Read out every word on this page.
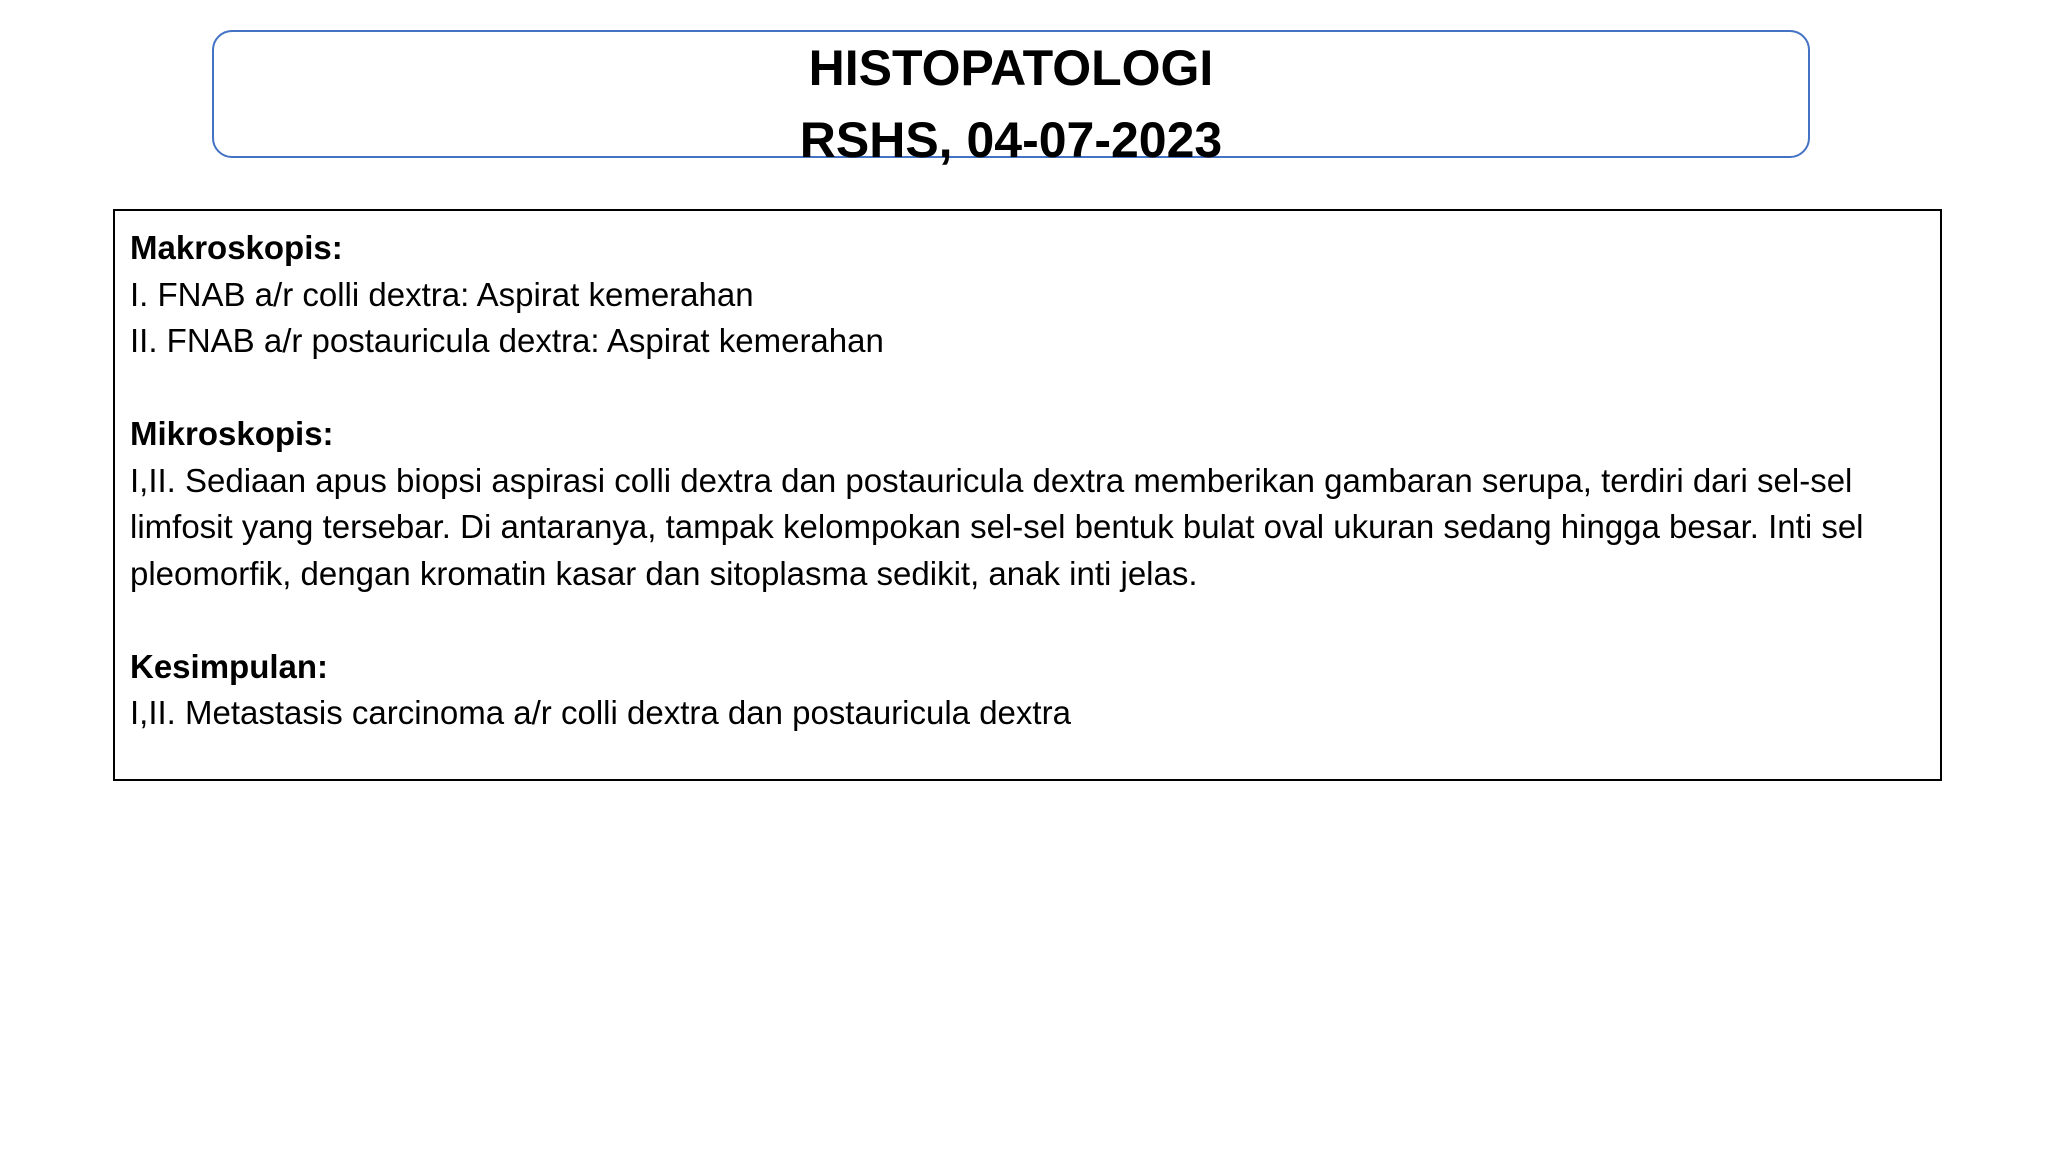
HISTOPATOLOGI
RSHS, 04-07-2023

Makroskopis:

I. FNAB a/r colli dextra: Aspirat kemerahan

II. FNAB a/r postauricula dextra: Aspirat kemerahan

Mikroskopis:

I,II. Sediaan apus biopsi aspirasi colli dextra dan postauricula dextra memberikan gambaran serupa, terdiri dari sel-sel limfosit yang tersebar. Di antaranya, tampak kelompokan sel-sel bentuk bulat oval ukuran sedang hingga besar. Inti sel pleomorfik, dengan kromatin kasar dan sitoplasma sedikit, anak inti jelas.

Kesimpulan:

I,II. Metastasis carcinoma a/r colli dextra dan postauricula dextra
